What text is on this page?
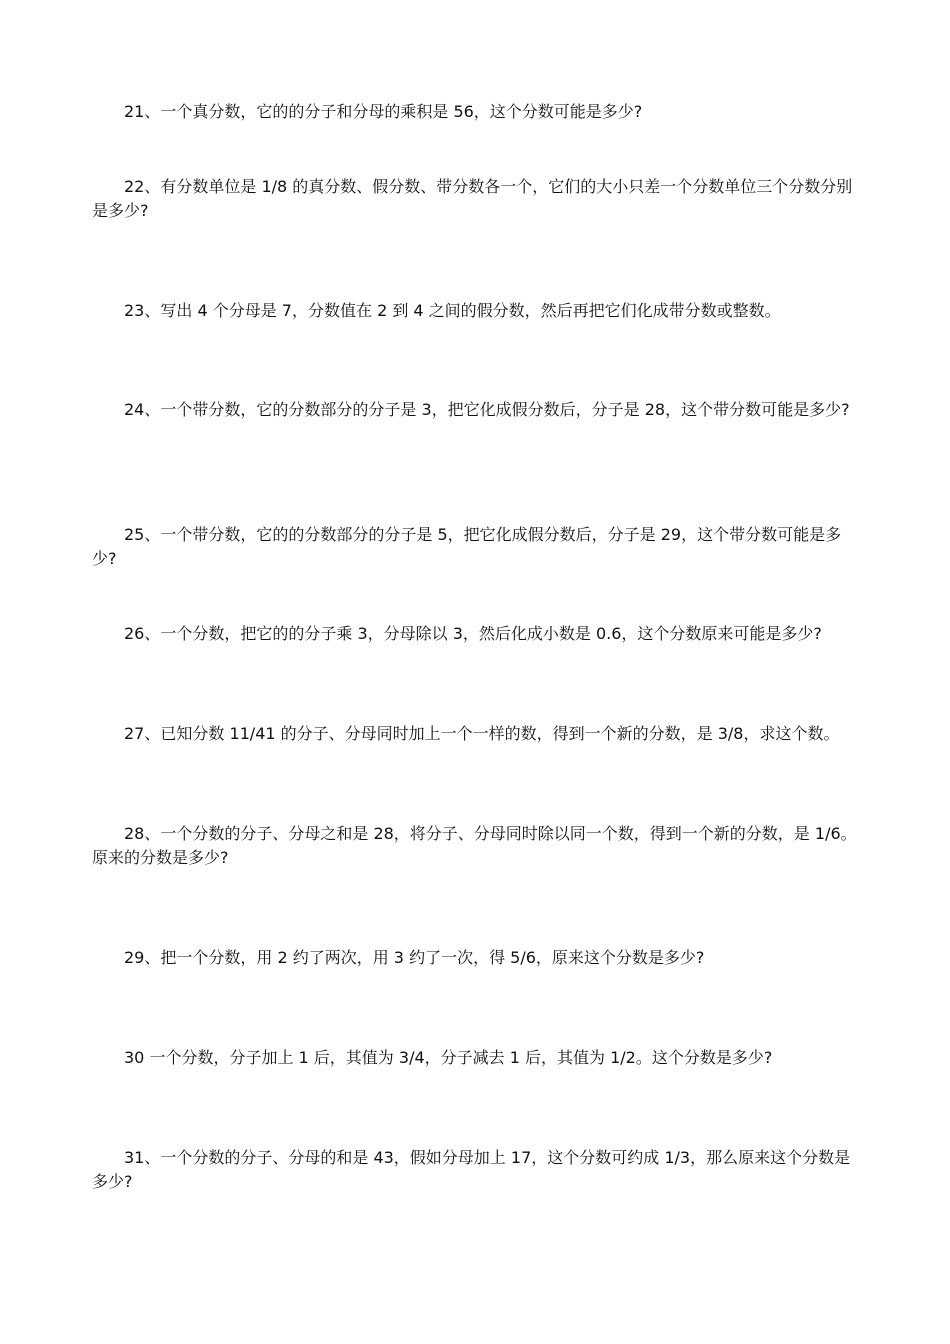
21、一个真分数，它的的分子和分母的乘积是 56，这个分数可能是多少?

22、有分数单位是 1/8 的真分数、假分数、带分数各一个，它们的大小只差一个分数单位三个分数分别是多少?

23、写出 4 个分母是 7，分数值在 2 到 4 之间的假分数，然后再把它们化成带分数或整数。

24、一个带分数，它的分数部分的分子是 3，把它化成假分数后，分子是 28，这个带分数可能是多少?

25、一个带分数，它的的分数部分的分子是 5，把它化成假分数后，分子是 29，这个带分数可能是多少?

26、一个分数，把它的的分子乘 3，分母除以 3，然后化成小数是 0.6，这个分数原来可能是多少?

27、已知分数 11/41 的分子、分母同时加上一个一样的数，得到一个新的分数，是 3/8，求这个数。

28、一个分数的分子、分母之和是 28，将分子、分母同时除以同一个数，得到一个新的分数，是 1/6。原来的分数是多少?

29、把一个分数，用 2 约了两次，用 3 约了一次，得 5/6，原来这个分数是多少?

30 一个分数，分子加上 1 后，其值为 3/4，分子减去 1 后，其值为 1/2。这个分数是多少?

31、一个分数的分子、分母的和是 43，假如分母加上 17，这个分数可约成 1/3，那么原来这个分数是多少?
